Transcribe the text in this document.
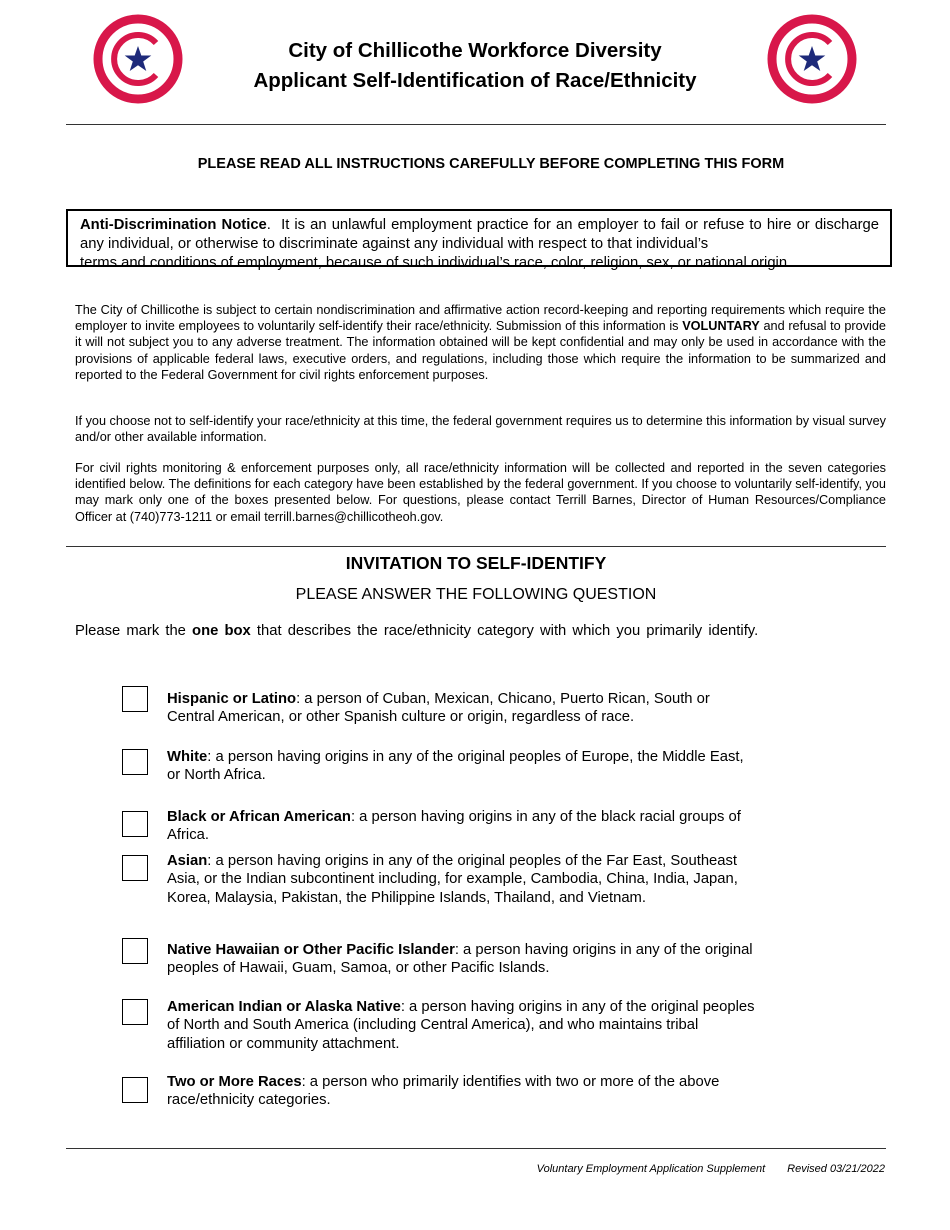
City of Chillicothe Workforce Diversity
Applicant Self-Identification of Race/Ethnicity
PLEASE READ ALL INSTRUCTIONS CAREFULLY BEFORE COMPLETING THIS FORM
Anti-Discrimination Notice.  It is an unlawful employment practice for an employer to fail or refuse to hire or discharge any individual, or otherwise to discriminate against any individual with respect to that individual’s
terms and conditions of employment, because of such individual’s race, color, religion, sex, or national origin.
The City of Chillicothe is subject to certain nondiscrimination and affirmative action record-keeping and reporting requirements which require the employer to invite employees to voluntarily self-identify their race/ethnicity. Submission of this information is VOLUNTARY and refusal to provide it will not subject you to any adverse treatment. The information obtained will be kept confidential and may only be used in accordance with the provisions of applicable federal laws, executive orders, and regulations, including those which require the information to be summarized and reported to the Federal Government for civil rights enforcement purposes.
If you choose not to self-identify your race/ethnicity at this time, the federal government requires us to determine this information by visual survey and/or other available information.
For civil rights monitoring & enforcement purposes only, all race/ethnicity information will be collected and reported in the seven categories identified below. The definitions for each category have been established by the federal government. If you choose to voluntarily self-identify, you may mark only one of the boxes presented below. For questions, please contact Terrill Barnes, Director of Human Resources/Compliance Officer at (740)773-1211 or email terrill.barnes@chillicotheoh.gov.
INVITATION TO SELF-IDENTIFY
PLEASE ANSWER THE FOLLOWING QUESTION
Please mark the one box that describes the race/ethnicity category with which you primarily identify.
Hispanic or Latino: a person of Cuban, Mexican, Chicano, Puerto Rican, South or Central American, or other Spanish culture or origin, regardless of race.
White: a person having origins in any of the original peoples of Europe, the Middle East, or North Africa.
Black or African American: a person having origins in any of the black racial groups of Africa.
Asian: a person having origins in any of the original peoples of the Far East, Southeast Asia, or the Indian subcontinent including, for example, Cambodia, China, India, Japan, Korea, Malaysia, Pakistan, the Philippine Islands, Thailand, and Vietnam.
Native Hawaiian or Other Pacific Islander: a person having origins in any of the original peoples of Hawaii, Guam, Samoa, or other Pacific Islands.
American Indian or Alaska Native: a person having origins in any of the original peoples of North and South America (including Central America), and who maintains tribal affiliation or community attachment.
Two or More Races: a person who primarily identifies with two or more of the above race/ethnicity categories.
Voluntary Employment Application Supplement Revised 03/21/2022
